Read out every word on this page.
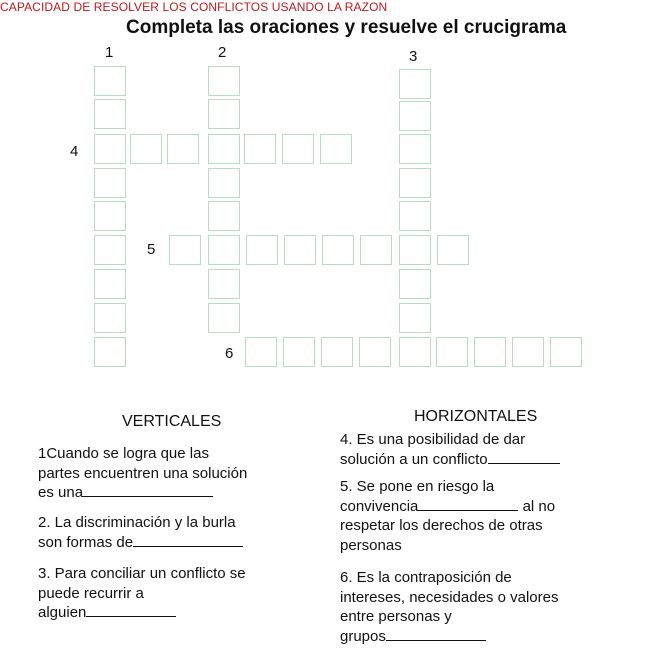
CAPACIDAD DE RESOLVER LOS CONFLICTOS USANDO LA RAZON
Completa las oraciones y resuelve el crucigrama
1	2	3
4
5
6
VERTICALES	HORIZONTALES
1Cuando se logra que las
partes encuentren una solución
es una
2. La discriminación y la burla
son formas de
3. Para conciliar un conflicto se
puede recurrir a
alguien
4. Es una posibilidad de dar
solución a un conflicto
5. Se pone en riesgo la
convivencia	al no
respetar los derechos de otras
personas
6. Es la contraposición de
intereses, necesidades o valores
entre personas y
grupos
